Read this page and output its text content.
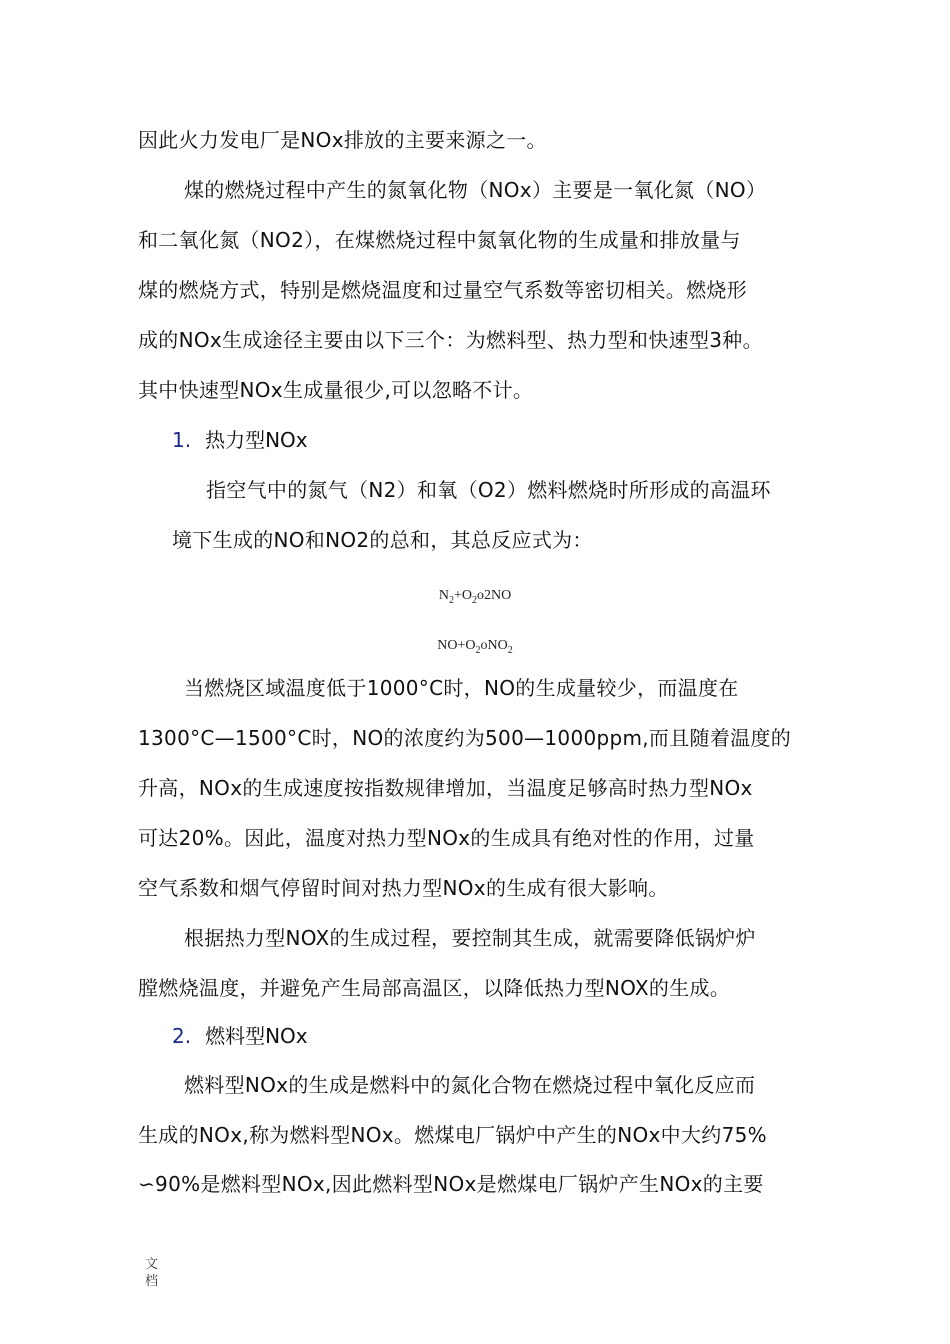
因此火力发电厂是NOx排放的主要来源之一。
煤的燃烧过程中产生的氮氧化物（NOx）主要是一氧化氮（NO）
和二氧化氮（NO2），在煤燃烧过程中氮氧化物的生成量和排放量与
煤的燃烧方式，特别是燃烧温度和过量空气系数等密切相关。燃烧形
成的NOx生成途径主要由以下三个：为燃料型、热力型和快速型3种。
其中快速型NOx生成量很少,可以忽略不计。
1. 热力型NOx
指空气中的氮气（N2）和氧（O2）燃料燃烧时所形成的高温环
境下生成的NO和NO2的总和，其总反应式为：
$N_2+O_2o2NO$
$NO+O_2oNO_2$
当燃烧区域温度低于1000°C时，NO的生成量较少，而温度在
1300°C—1500°C时，NO的浓度约为500—1000ppm,而且随着温度的
升高，NOx的生成速度按指数规律增加，当温度足够高时热力型NOx
可达20%。因此，温度对热力型NOx的生成具有绝对性的作用，过量
空气系数和烟气停留时间对热力型NOx的生成有很大影响。
根据热力型NOX的生成过程，要控制其生成，就需要降低锅炉炉
膛燃烧温度，并避免产生局部高温区，以降低热力型NOX的生成。
2. 燃料型NOx
燃料型NOx的生成是燃料中的氮化合物在燃烧过程中氧化反应而
生成的NOx,称为燃料型NOx。燃煤电厂锅炉中产生的NOx中大约75%
∽90%是燃料型NOx,因此燃料型NOx是燃煤电厂锅炉产生NOx的主要
文
档
